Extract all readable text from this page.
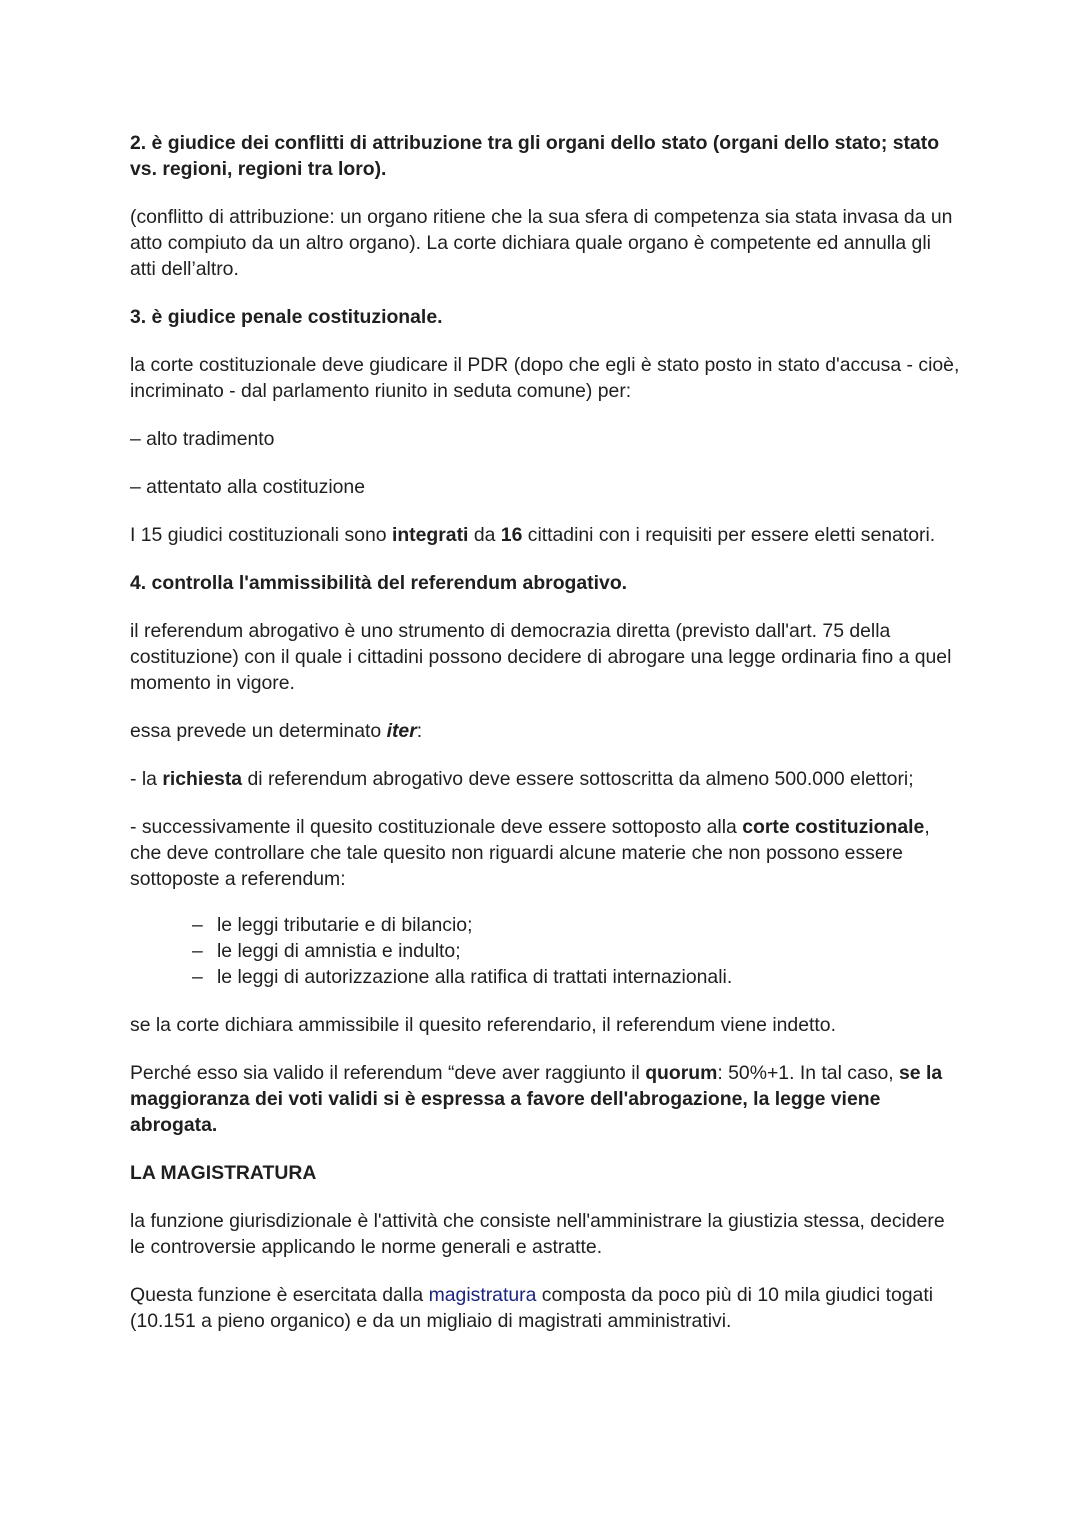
2. è giudice dei conflitti di attribuzione tra gli organi dello stato (organi dello stato; stato vs. regioni, regioni tra loro).

(conflitto di attribuzione: un organo ritiene che la sua sfera di competenza sia stata invasa da un atto compiuto da un altro organo). La corte dichiara quale organo è competente ed annulla gli atti dell’altro.

3. è giudice penale costituzionale.

la corte costituzionale deve giudicare il PDR (dopo che egli è stato posto in stato d'accusa - cioè, incriminato - dal parlamento riunito in seduta comune) per:

– alto tradimento

– attentato alla costituzione

I 15 giudici costituzionali sono integrati da 16 cittadini con i requisiti per essere eletti senatori.

4. controlla l'ammissibilità del referendum abrogativo.

il referendum abrogativo è uno strumento di democrazia diretta (previsto dall'art. 75 della costituzione) con il quale i cittadini possono decidere di abrogare una legge ordinaria fino a quel momento in vigore.

essa prevede un determinato iter:

- la richiesta di referendum abrogativo deve essere sottoscritta da almeno 500.000 elettori;

- successivamente il quesito costituzionale deve essere sottoposto alla corte costituzionale, che deve controllare che tale quesito non riguardi alcune materie che non possono essere sottoposte a referendum:

– le leggi tributarie e di bilancio;
– le leggi di amnistia e indulto;
– le leggi di autorizzazione alla ratifica di trattati internazionali.

se la corte dichiara ammissibile il quesito referendario, il referendum viene indetto.

Perché esso sia valido il referendum “deve aver raggiunto il quorum: 50%+1. In tal caso, se la maggioranza dei voti validi si è espressa a favore dell'abrogazione, la legge viene abrogata.

LA MAGISTRATURA

la funzione giurisdizionale è l'attività che consiste nell'amministrare la giustizia stessa, decidere le controversie applicando le norme generali e astratte.

Questa funzione è esercitata dalla magistratura composta da poco più di 10 mila giudici togati (10.151 a pieno organico) e da un migliaio di magistrati amministrativi.
